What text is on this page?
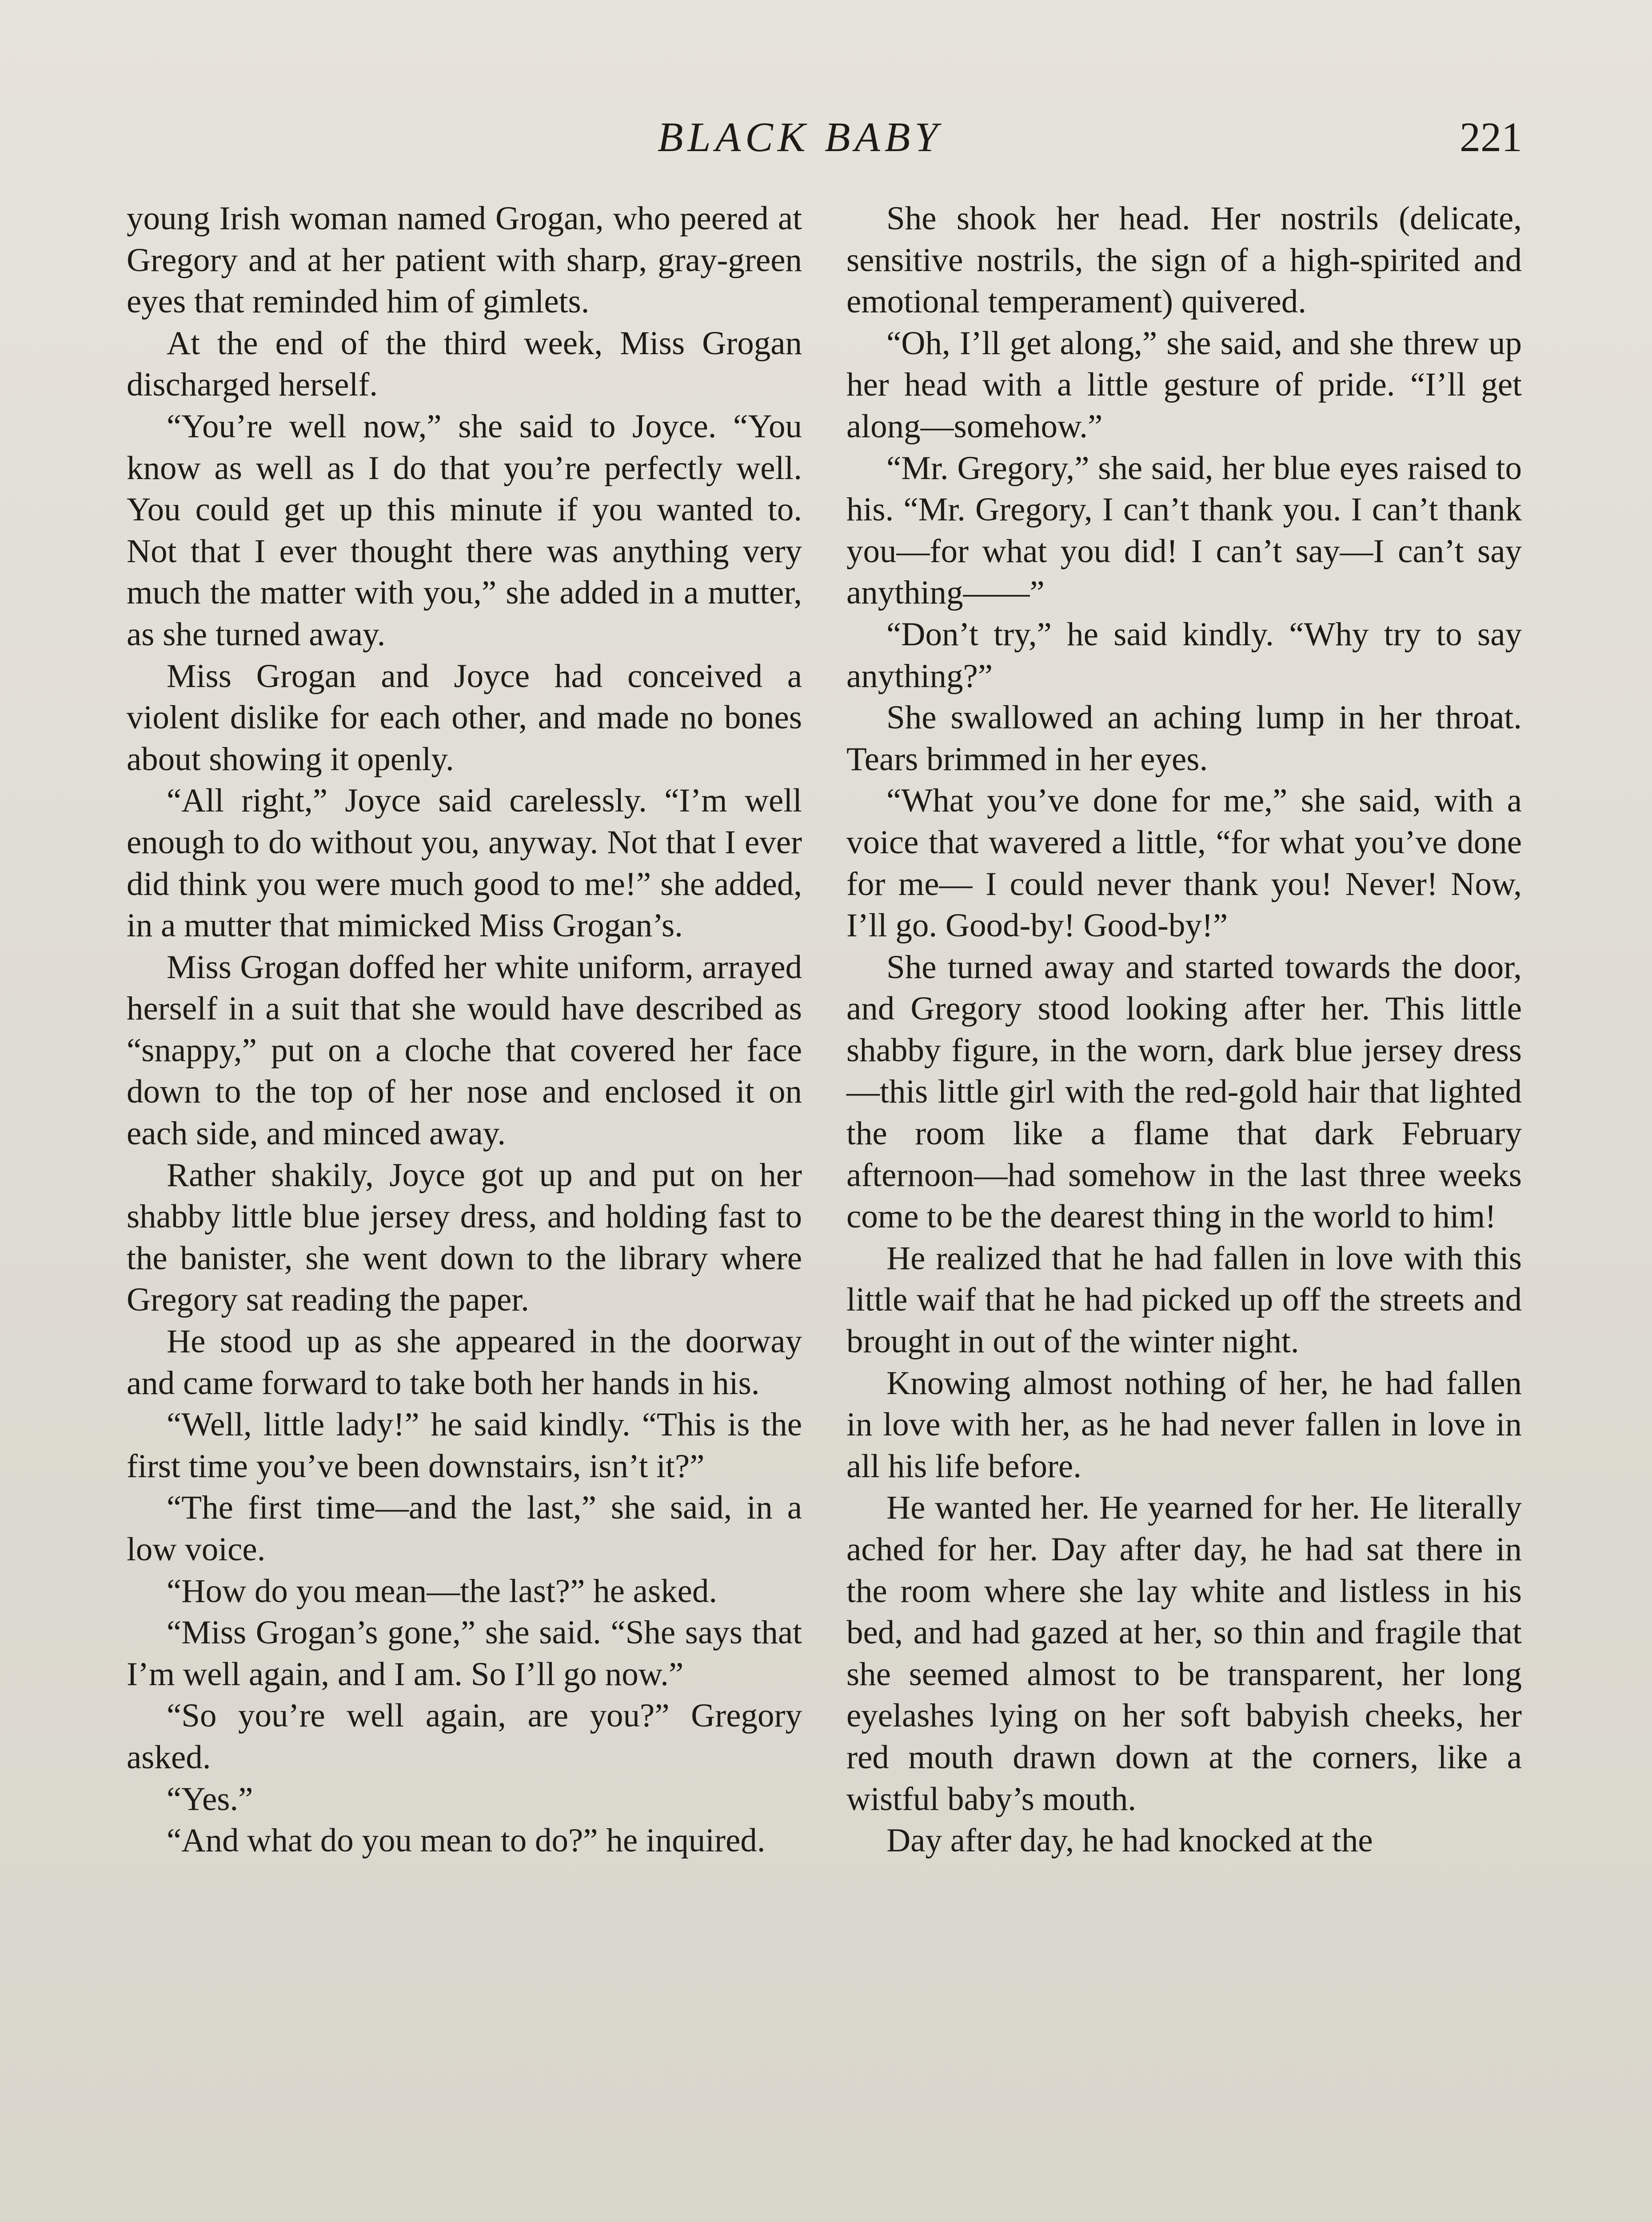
BLACK BABY	221

young Irish woman named Grogan, who peered at Gregory and at her patient with sharp, gray-green eyes that reminded him of gimlets.

At the end of the third week, Miss Grogan discharged herself.

“You’re well now,” she said to Joyce. “You know as well as I do that you’re perfectly well. You could get up this minute if you wanted to. Not that I ever thought there was anything very much the matter with you,” she added in a mutter, as she turned away.

Miss Grogan and Joyce had conceived a violent dislike for each other, and made no bones about showing it openly.

“All right,” Joyce said carelessly. “I’m well enough to do without you, anyway. Not that I ever did think you were much good to me!” she added, in a mutter that mimicked Miss Grogan’s.

Miss Grogan doffed her white uniform, arrayed herself in a suit that she would have described as “snappy,” put on a cloche that covered her face down to the top of her nose and enclosed it on each side, and minced away.

Rather shakily, Joyce got up and put on her shabby little blue jersey dress, and holding fast to the banister, she went down to the library where Gregory sat reading the paper.

He stood up as she appeared in the doorway and came forward to take both her hands in his.

“Well, little lady!” he said kindly. “This is the first time you’ve been downstairs, isn’t it?”

“The first time—and the last,” she said, in a low voice.

“How do you mean—the last?” he asked.

“Miss Grogan’s gone,” she said. “She says that I’m well again, and I am. So I’ll go now.”

“So you’re well again, are you?” Gregory asked.

“Yes.”

“And what do you mean to do?” he inquired.

She shook her head. Her nostrils (delicate, sensitive nostrils, the sign of a high-spirited and emotional temperament) quivered.

“Oh, I’ll get along,” she said, and she threw up her head with a little gesture of pride. “I’ll get along—somehow.”

“Mr. Gregory,” she said, her blue eyes raised to his. “Mr. Gregory, I can’t thank you. I can’t thank you—for what you did! I can’t say—I can’t say anything——”

“Don’t try,” he said kindly. “Why try to say anything?”

She swallowed an aching lump in her throat. Tears brimmed in her eyes.

“What you’ve done for me,” she said, with a voice that wavered a little, “for what you’ve done for me— I could never thank you! Never! Now, I’ll go. Good-by! Good-by!”

She turned away and started towards the door, and Gregory stood looking after her. This little shabby figure, in the worn, dark blue jersey dress—this little girl with the red-gold hair that lighted the room like a flame that dark February afternoon—had somehow in the last three weeks come to be the dearest thing in the world to him!

He realized that he had fallen in love with this little waif that he had picked up off the streets and brought in out of the winter night.

Knowing almost nothing of her, he had fallen in love with her, as he had never fallen in love in all his life before.

He wanted her. He yearned for her. He literally ached for her. Day after day, he had sat there in the room where she lay white and listless in his bed, and had gazed at her, so thin and fragile that she seemed almost to be transparent, her long eyelashes lying on her soft babyish cheeks, her red mouth drawn down at the corners, like a wistful baby’s mouth.

Day after day, he had knocked at the
